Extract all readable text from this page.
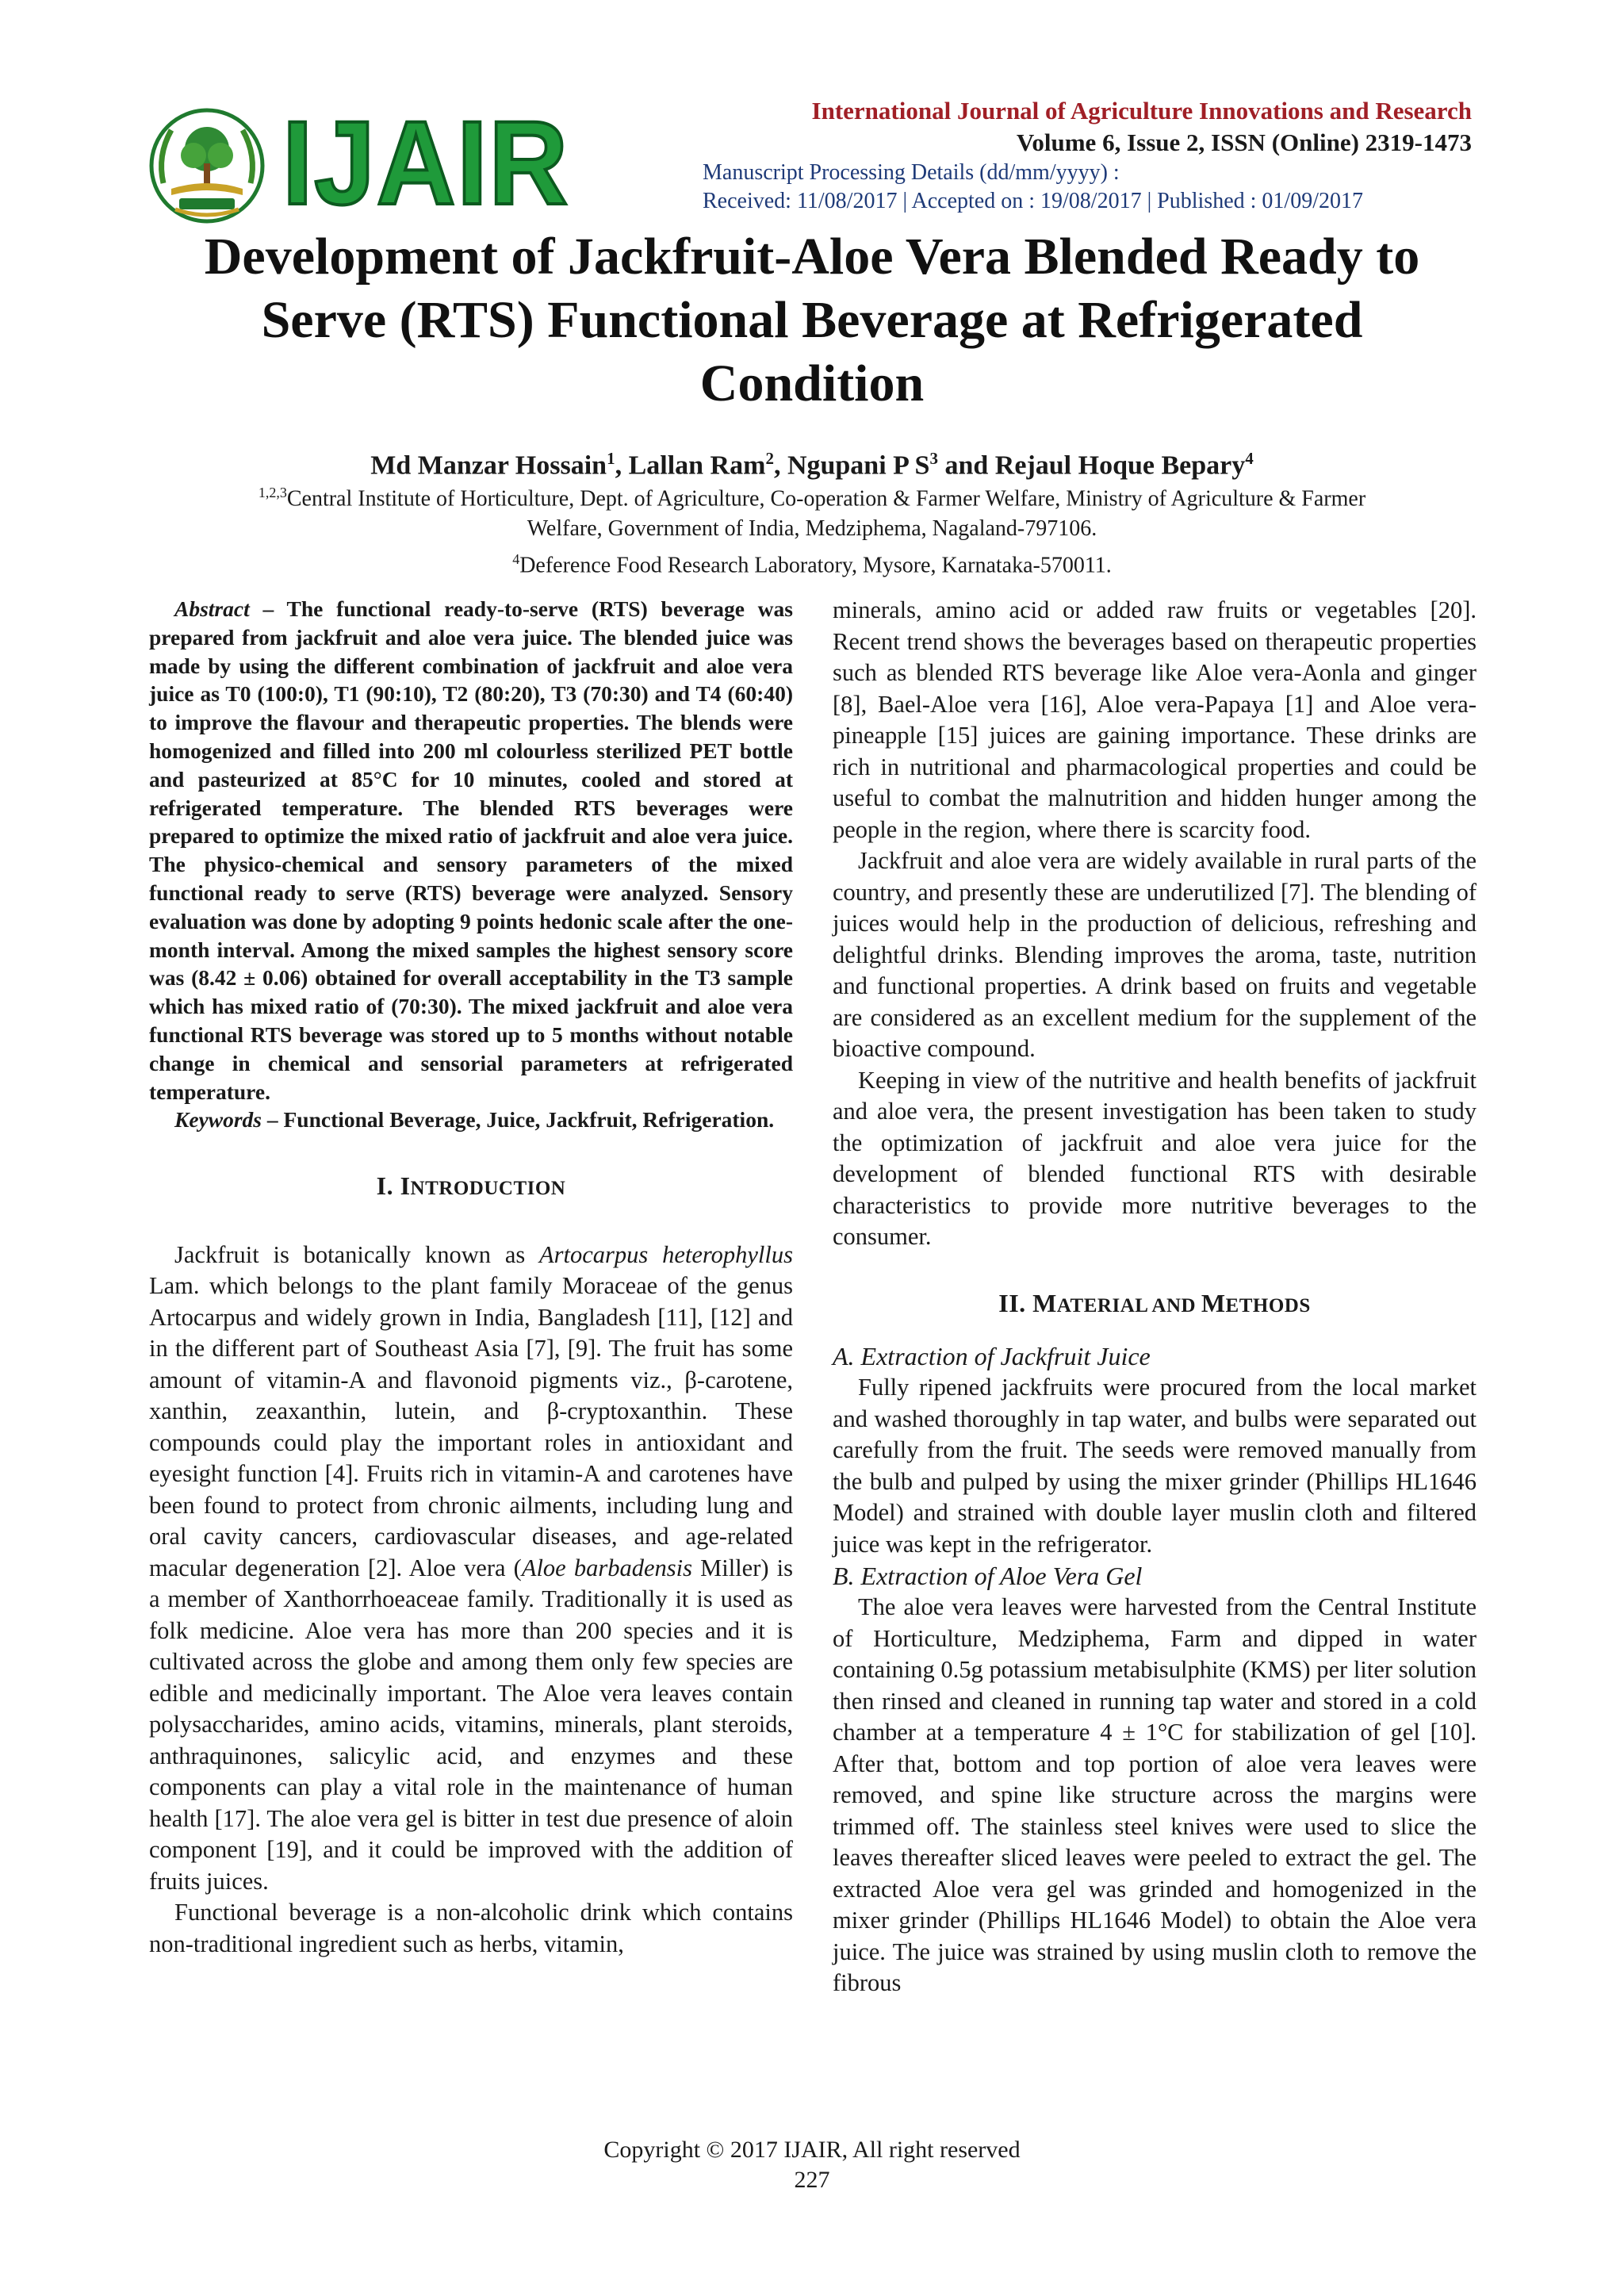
IJAIR	International Journal of Agriculture Innovations and Research
Volume 6, Issue 2, ISSN (Online) 2319-1473
Manuscript Processing Details (dd/mm/yyyy) :
Received: 11/08/2017 | Accepted on : 19/08/2017 | Published : 01/09/2017
Development of Jackfruit-Aloe Vera Blended Ready to
Serve (RTS) Functional Beverage at Refrigerated
Condition
Md Manzar Hossain$^1$, Lallan Ram$^2$, Ngupani P $S^3$ and Rejaul Hoque Bepary$^4$
$^{1,2,3}$Central Institute of Horticulture, Dept. of Agriculture, Co-operation & Farmer Welfare, Ministry of Agriculture & Farmer
Welfare, Government of India, Medziphema, Nagaland-797106.
$^4$Deference Food Research Laboratory, Mysore, Karnataka-570011.

Abstract – The functional ready-to-serve (RTS) beverage was prepared from jackfruit and aloe vera juice. The blended juice was made by using the different combination of jackfruit and aloe vera juice as T0 (100:0), T1 (90:10), T2 (80:20), T3 (70:30) and T4 (60:40) to improve the flavour and therapeutic properties. The blends were homogenized and filled into 200 ml colourless sterilized PET bottle and pasteurized at 85°C for 10 minutes, cooled and stored at refrigerated temperature. The blended RTS beverages were prepared to optimize the mixed ratio of jackfruit and aloe vera juice. The physico-chemical and sensory parameters of the mixed functional ready to serve (RTS) beverage were analyzed. Sensory evaluation was done by adopting 9 points hedonic scale after the one-month interval. Among the mixed samples the highest sensory score was (8.42 ± 0.06) obtained for overall acceptability in the T3 sample which has mixed ratio of (70:30). The mixed jackfruit and aloe vera functional RTS beverage was stored up to 5 months without notable change in chemical and sensorial parameters at refrigerated temperature.

Keywords – Functional Beverage, Juice, Jackfruit, Refrigeration.

I. INTRODUCTION

Jackfruit is botanically known as Artocarpus heterophyllus Lam. which belongs to the plant family Moraceae of the genus Artocarpus and widely grown in India, Bangladesh [11], [12] and in the different part of Southeast Asia [7], [9]. The fruit has some amount of vitamin-A and flavonoid pigments viz., β-carotene, xanthin, zeaxanthin, lutein, and β-cryptoxanthin. These compounds could play the important roles in antioxidant and eyesight function [4]. Fruits rich in vitamin-A and carotenes have been found to protect from chronic ailments, including lung and oral cavity cancers, cardiovascular diseases, and age-related macular degeneration [2]. Aloe vera (Aloe barbadensis Miller) is a member of Xanthorrhoeaceae family. Traditionally it is used as folk medicine. Aloe vera has more than 200 species and it is cultivated across the globe and among them only few species are edible and medicinally important. The Aloe vera leaves contain polysaccharides, amino acids, vitamins, minerals, plant steroids, anthraquinones, salicylic acid, and enzymes and these components can play a vital role in the maintenance of human health [17]. The aloe vera gel is bitter in test due presence of aloin component [19], and it could be improved with the addition of fruits juices.

Functional beverage is a non-alcoholic drink which contains non-traditional ingredient such as herbs, vitamin,

minerals, amino acid or added raw fruits or vegetables [20]. Recent trend shows the beverages based on therapeutic properties such as blended RTS beverage like Aloe vera-Aonla and ginger [8], Bael-Aloe vera [16], Aloe vera-Papaya [1] and Aloe vera-pineapple [15] juices are gaining importance. These drinks are rich in nutritional and pharmacological properties and could be useful to combat the malnutrition and hidden hunger among the people in the region, where there is scarcity food.

Jackfruit and aloe vera are widely available in rural parts of the country, and presently these are underutilized [7]. The blending of juices would help in the production of delicious, refreshing and delightful drinks. Blending improves the aroma, taste, nutrition and functional properties. A drink based on fruits and vegetable are considered as an excellent medium for the supplement of the bioactive compound.

Keeping in view of the nutritive and health benefits of jackfruit and aloe vera, the present investigation has been taken to study the optimization of jackfruit and aloe vera juice for the development of blended functional RTS with desirable characteristics to provide more nutritive beverages to the consumer.

II. MATERIAL AND METHODS

A. Extraction of Jackfruit Juice

Fully ripened jackfruits were procured from the local market and washed thoroughly in tap water, and bulbs were separated out carefully from the fruit. The seeds were removed manually from the bulb and pulped by using the mixer grinder (Phillips HL1646 Model) and strained with double layer muslin cloth and filtered juice was kept in the refrigerator.

B. Extraction of Aloe Vera Gel

The aloe vera leaves were harvested from the Central Institute of Horticulture, Medziphema, Farm and dipped in water containing 0.5g potassium metabisulphite (KMS) per liter solution then rinsed and cleaned in running tap water and stored in a cold chamber at a temperature 4 ± 1°C for stabilization of gel [10]. After that, bottom and top portion of aloe vera leaves were removed, and spine like structure across the margins were trimmed off. The stainless steel knives were used to slice the leaves thereafter sliced leaves were peeled to extract the gel. The extracted Aloe vera gel was grinded and homogenized in the mixer grinder (Phillips HL1646 Model) to obtain the Aloe vera juice. The juice was strained by using muslin cloth to remove the fibrous

Copyright © 2017 IJAIR, All right reserved
227
